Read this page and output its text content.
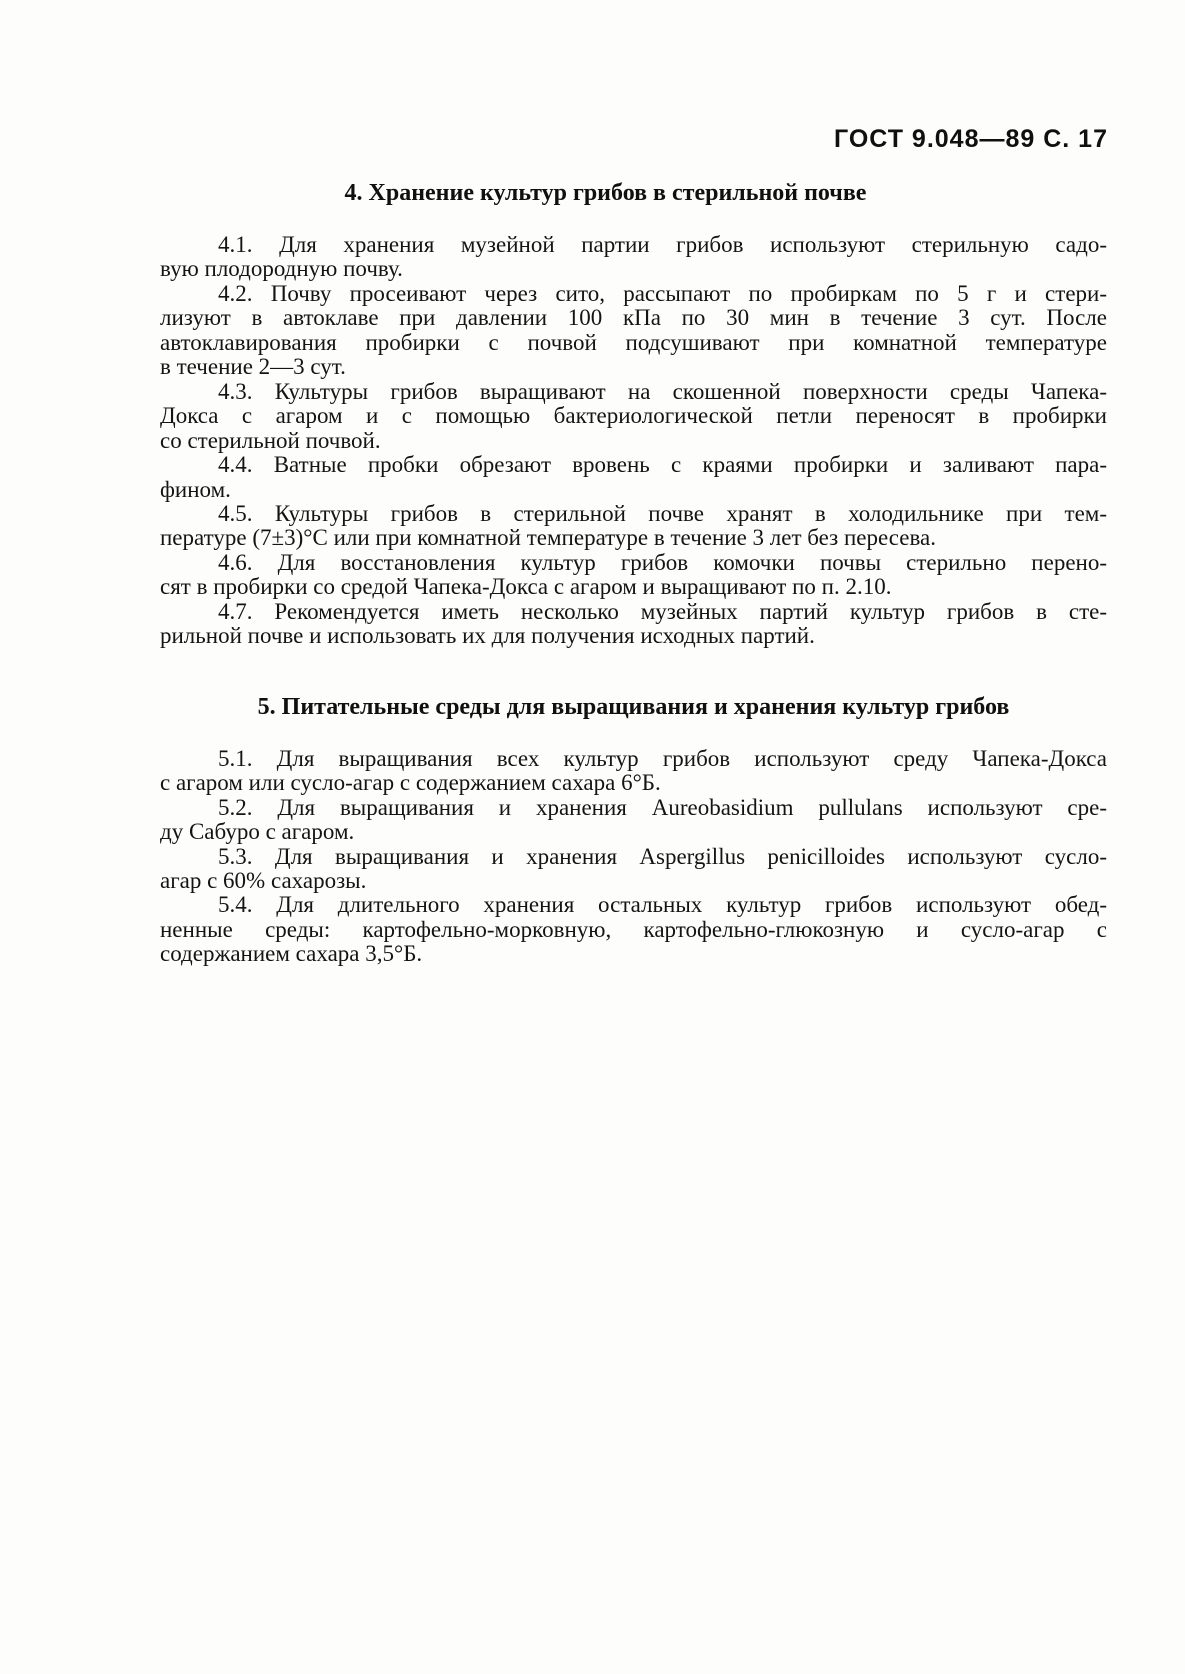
ГОСТ 9.048—89 С. 17
4. Хранение культур грибов в стерильной почве
4.1. Для хранения музейной партии грибов используют стерильную садо-
вую плодородную почву.
4.2. Почву просеивают через сито, рассыпают по пробиркам по 5 г и стери-
лизуют в автоклаве при давлении 100 кПа по 30 мин в течение 3 сут. После
автоклавирования пробирки с почвой подсушивают при комнатной температуре
в течение 2—3 сут.
4.3. Культуры грибов выращивают на скошенной поверхности среды Чапека-
Докса с агаром и с помощью бактериологической петли переносят в пробирки
со стерильной почвой.
4.4. Ватные пробки обрезают вровень с краями пробирки и заливают пара-
фином.
4.5. Культуры грибов в стерильной почве хранят в холодильнике при тем-
пературе (7±3)°С или при комнатной температуре в течение 3 лет без пересева.
4.6. Для восстановления культур грибов комочки почвы стерильно перено-
сят в пробирки со средой Чапека-Докса с агаром и выращивают по п. 2.10.
4.7. Рекомендуется иметь несколько музейных партий культур грибов в сте-
рильной почве и использовать их для получения исходных партий.
5. Питательные среды для выращивания и хранения культур грибов
5.1. Для выращивания всех культур грибов используют среду Чапека-Докса
с агаром или сусло-агар с содержанием сахара 6°Б.
5.2. Для выращивания и хранения Aureobasidium pullulans используют сре-
ду Сабуро с агаром.
5.3. Для выращивания и хранения Aspergillus penicilloides используют сусло-
агар с 60% сахарозы.
5.4. Для длительного хранения остальных культур грибов используют обед-
ненные среды: картофельно-морковную, картофельно-глюкозную и сусло-агар с
содержанием сахара 3,5°Б.
